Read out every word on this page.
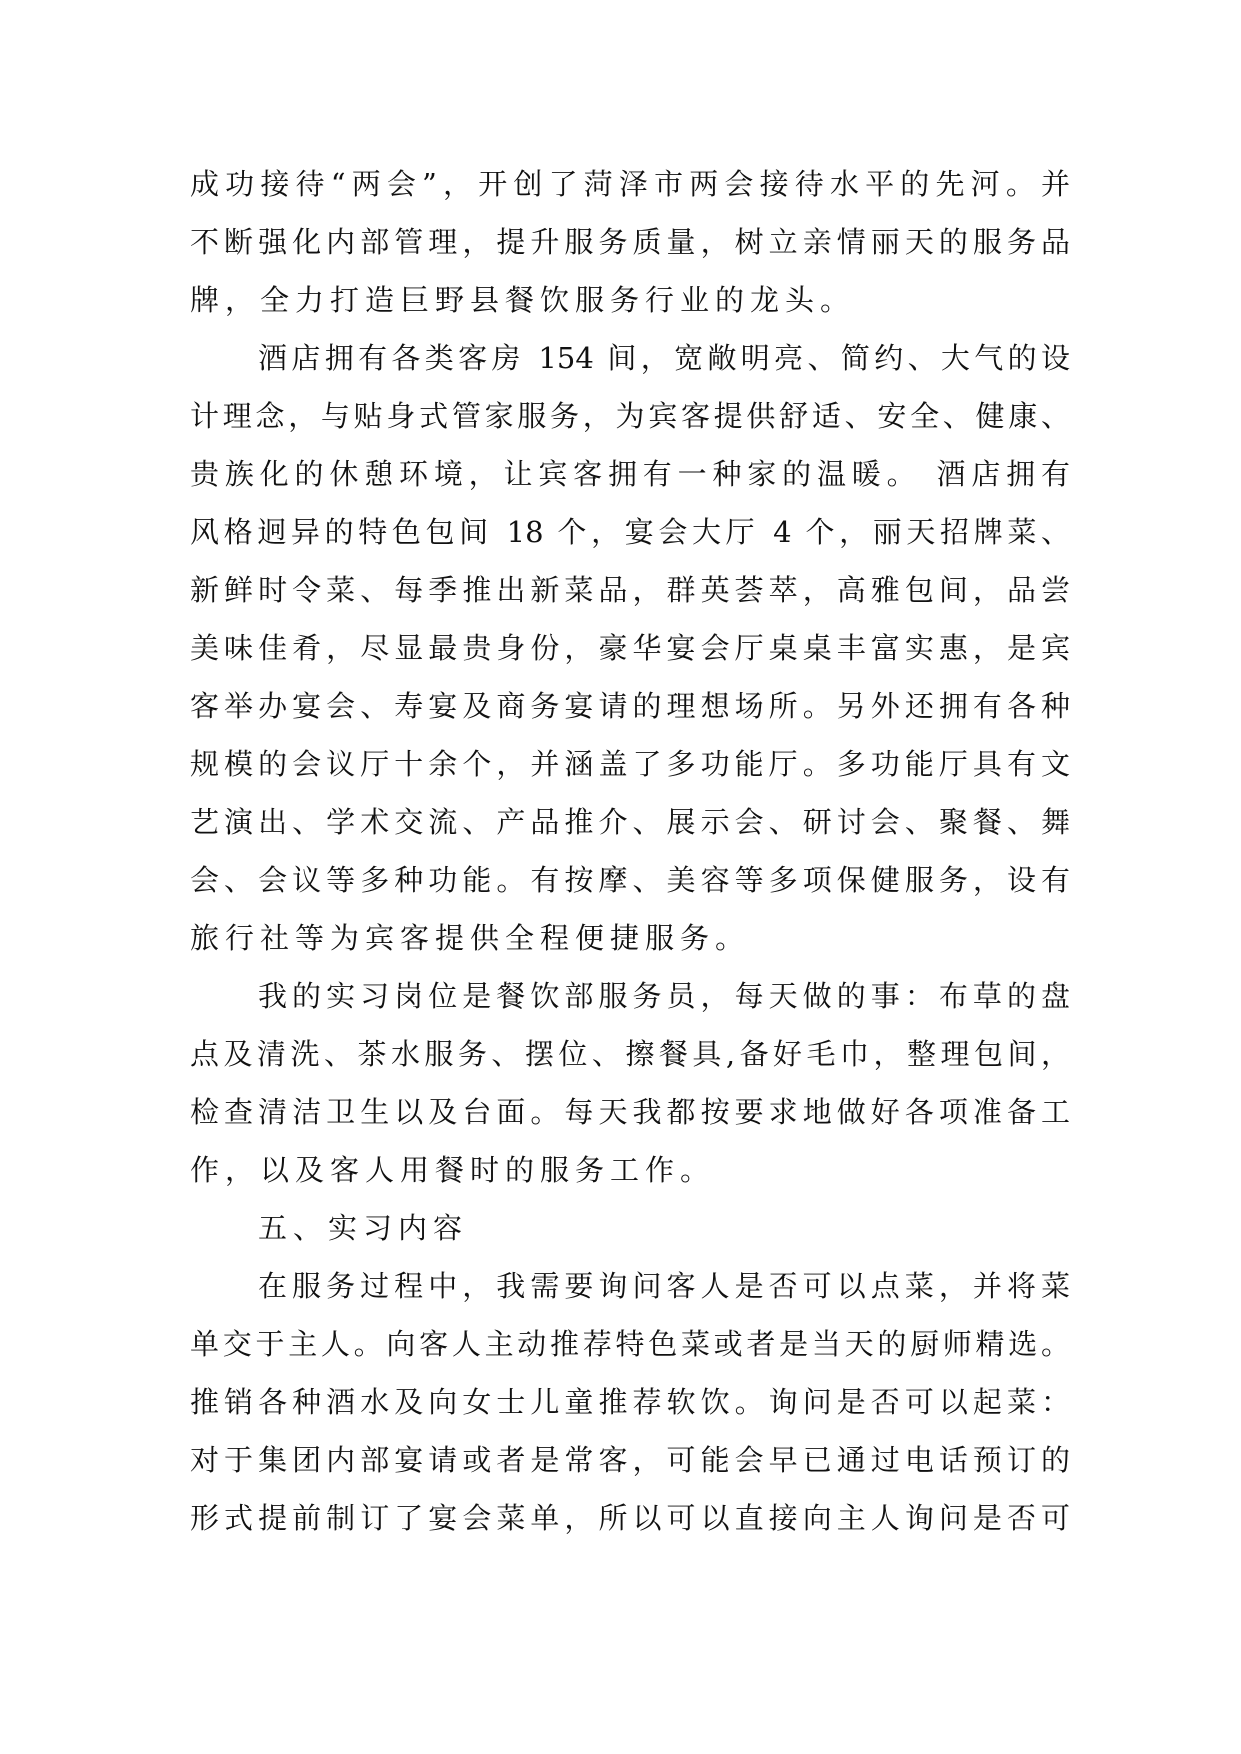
成功接待“两会”，开创了菏泽市两会接待水平的先河。并
不断强化内部管理，提升服务质量，树立亲情丽天的服务品
牌，全力打造巨野县餐饮服务行业的龙头。
酒店拥有各类客房 154 间，宽敞明亮、简约、大气的设
计理念，与贴身式管家服务，为宾客提供舒适、安全、健康、
贵族化的休憩环境，让宾客拥有一种家的温暖。 酒店拥有
风格迥异的特色包间 18 个，宴会大厅 4 个，丽天招牌菜、
新鲜时令菜、每季推出新菜品，群英荟萃，高雅包间，品尝
美味佳肴，尽显最贵身份，豪华宴会厅桌桌丰富实惠，是宾
客举办宴会、寿宴及商务宴请的理想场所。另外还拥有各种
规模的会议厅十余个，并涵盖了多功能厅。多功能厅具有文
艺演出、学术交流、产品推介、展示会、研讨会、聚餐、舞
会、会议等多种功能。有按摩、美容等多项保健服务，设有
旅行社等为宾客提供全程便捷服务。
我的实习岗位是餐饮部服务员，每天做的事：布草的盘
点及清洗、茶水服务、摆位、擦餐具,备好毛巾，整理包间，
检查清洁卫生以及台面。每天我都按要求地做好各项准备工
作，以及客人用餐时的服务工作。
五、实习内容
在服务过程中，我需要询问客人是否可以点菜，并将菜
单交于主人。向客人主动推荐特色菜或者是当天的厨师精选。
推销各种酒水及向女士儿童推荐软饮。询问是否可以起菜：
对于集团内部宴请或者是常客，可能会早已通过电话预订的
形式提前制订了宴会菜单，所以可以直接向主人询问是否可
